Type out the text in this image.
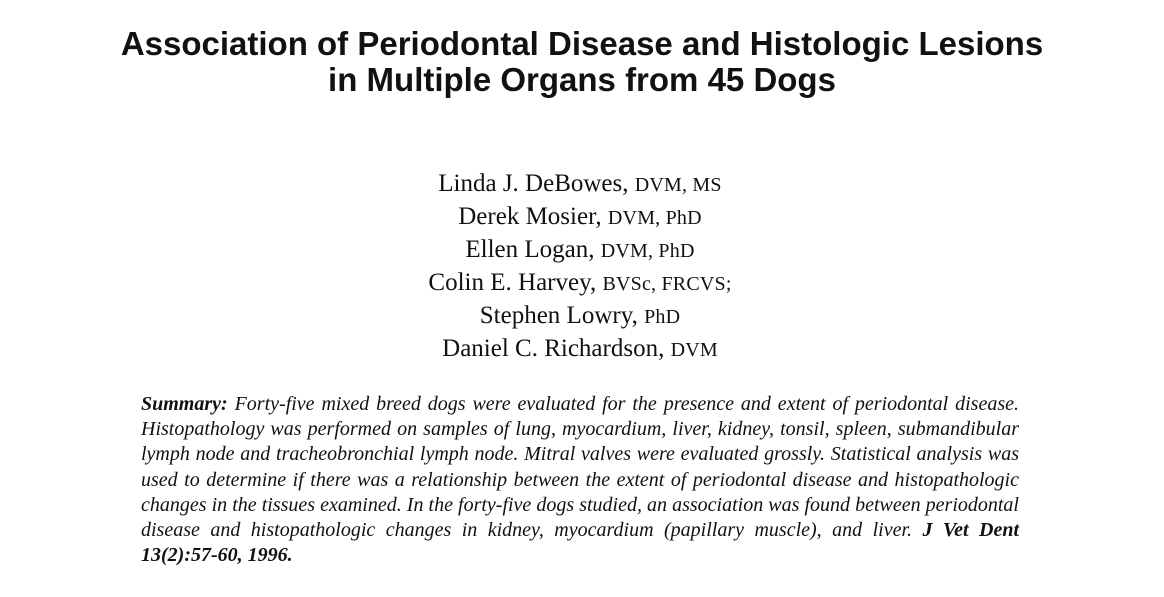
Association of Periodontal Disease and Histologic Lesions
in Multiple Organs from 45 Dogs
Linda J. DeBowes, DVM, MS
Derek Mosier, DVM, PhD
Ellen Logan, DVM, PhD
Colin E. Harvey, BVSc, FRCVS;
Stephen Lowry, PhD
Daniel C. Richardson, DVM

Summary: Forty-five mixed breed dogs were evaluated for the presence and extent of periodontal disease. Histopathology was performed on samples of lung, myocardium, liver, kidney, tonsil, spleen, submandibular lymph node and tracheobronchial lymph node. Mitral valves were evaluated grossly. Statistical analysis was used to determine if there was a relationship between the extent of periodontal disease and histopathologic changes in the tissues examined. In the forty-five dogs studied, an association was found between periodontal disease and histopathologic changes in kidney, myocardium (papillary muscle), and liver. J Vet Dent 13(2):57-60, 1996.
